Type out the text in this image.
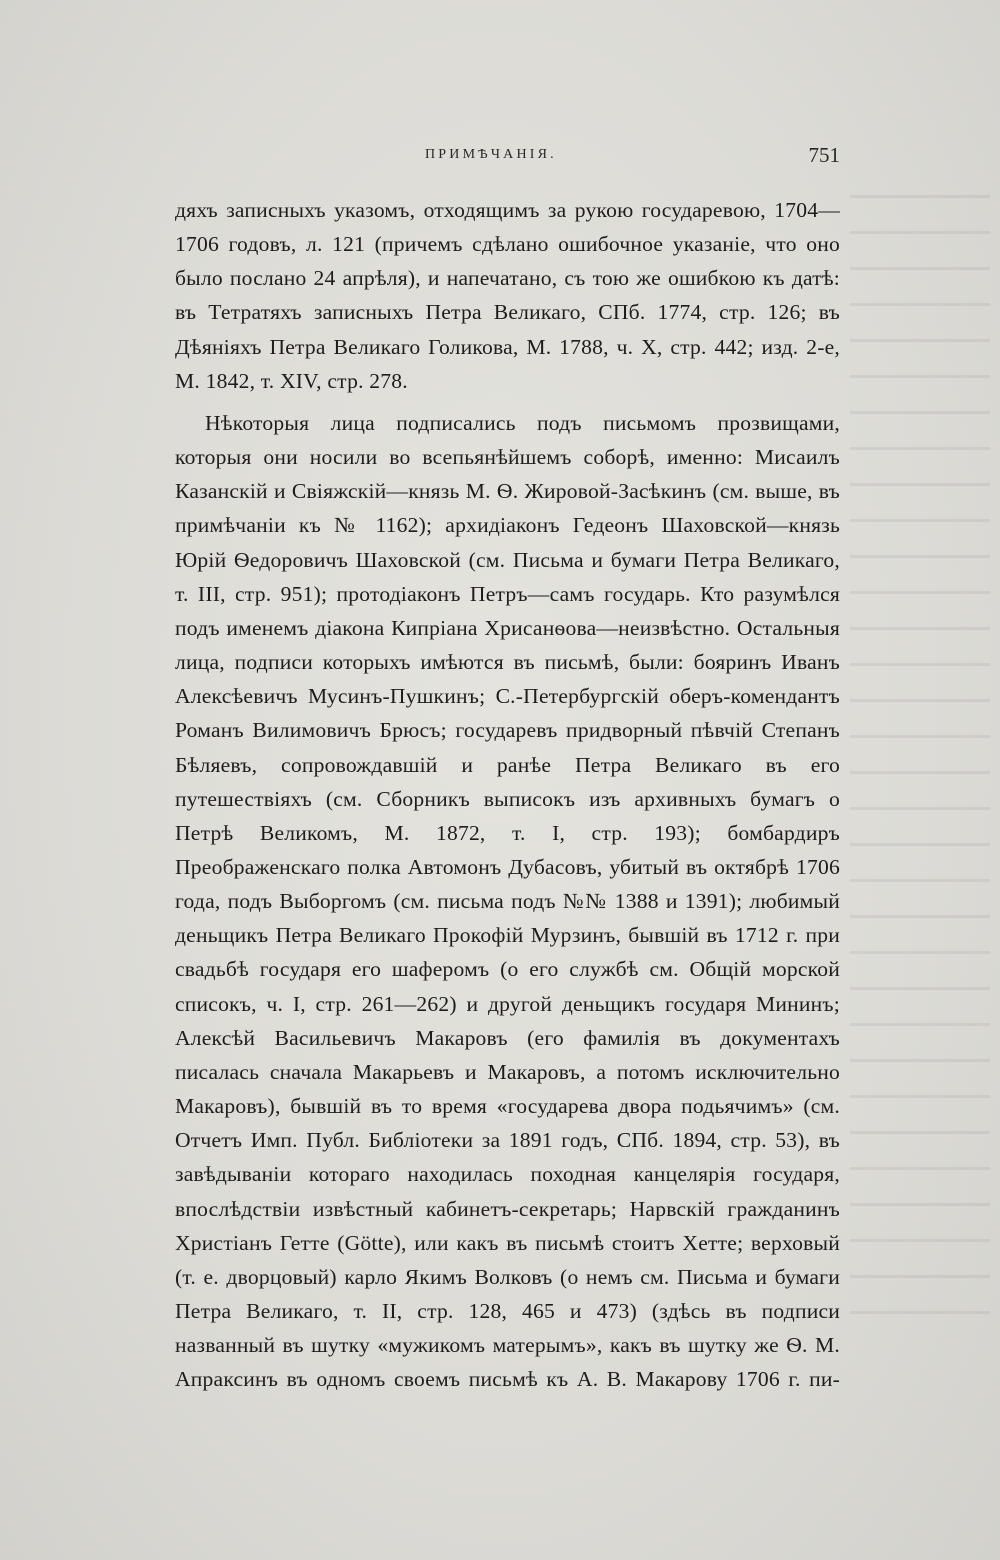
ПРИМѢЧАНІЯ.	751

дяхъ записныхъ указомъ, отходящимъ за рукою государевою, 1704—1706 годовъ, л. 121 (причемъ сдѣлано ошибочное указаніе, что оно было послано 24 апрѣля), и напечатано, съ тою же ошибкою къ датѣ: въ Тетратяхъ записныхъ Петра Великаго, СПб. 1774, стр. 126; въ Дѣяніяхъ Петра Великаго Голикова, М. 1788, ч. X, стр. 442; изд. 2-е, М. 1842, т. XIV, стр. 278.

Нѣкоторыя лица подписались подъ письмомъ прозвищами, которыя они носили во всепьянѣйшемъ соборѣ, именно: Мисаилъ Казанскій и Свіяжскій—князь М. Ѳ. Жировой-Засѣкинъ (см. выше, въ примѣчаніи къ № 1162); архидіаконъ Гедеонъ Шаховской—князь Юрій Ѳедоровичъ Шаховской (см. Письма и бумаги Петра Великаго, т. III, стр. 951); протодіаконъ Петръ—самъ государь. Кто разумѣлся подъ именемъ діакона Кипріана Хрисанѳова—неизвѣстно. Остальныя лица, подписи которыхъ имѣются въ письмѣ, были: бояринъ Иванъ Алексѣевичъ Мусинъ-Пушкинъ; С.-Петербургскій оберъ-комендантъ Романъ Вилимовичъ Брюсъ; государевъ придворный пѣвчій Степанъ Бѣляевъ, сопровождавшій и ранѣе Петра Великаго въ его путешествіяхъ (см. Сборникъ выписокъ изъ архивныхъ бумагъ о Петрѣ Великомъ, М. 1872, т. I, стр. 193); бомбардиръ Преображенскаго полка Автомонъ Дубасовъ, убитый въ октябрѣ 1706 года, подъ Выборгомъ (см. письма подъ №№ 1388 и 1391); любимый деньщикъ Петра Великаго Прокофій Мурзинъ, бывшій въ 1712 г. при свадьбѣ государя его шаферомъ (о его службѣ см. Общій морской списокъ, ч. I, стр. 261—262) и другой деньщикъ государя Мининъ; Алексѣй Васильевичъ Макаровъ (его фамилія въ документахъ писалась сначала Макарьевъ и Макаровъ, а потомъ исключительно Макаровъ), бывшій въ то время «государева двора подьячимъ» (см. Отчетъ Имп. Публ. Библіотеки за 1891 годъ, СПб. 1894, стр. 53), въ завѣдываніи котораго находилась походная канцелярія государя, впослѣдствіи извѣстный кабинетъ-секретарь; Нарвскій гражданинъ Христіанъ Гетте (Götte), или какъ въ письмѣ стоитъ Хетте; верховый (т. е. дворцовый) карло Якимъ Волковъ (о немъ см. Письма и бумаги Петра Великаго, т. II, стр. 128, 465 и 473) (здѣсь въ подписи названный въ шутку «мужикомъ матерымъ», какъ въ шутку же Ѳ. М. Апраксинъ въ одномъ своемъ письмѣ къ А. В. Макарову 1706 г. пи-
